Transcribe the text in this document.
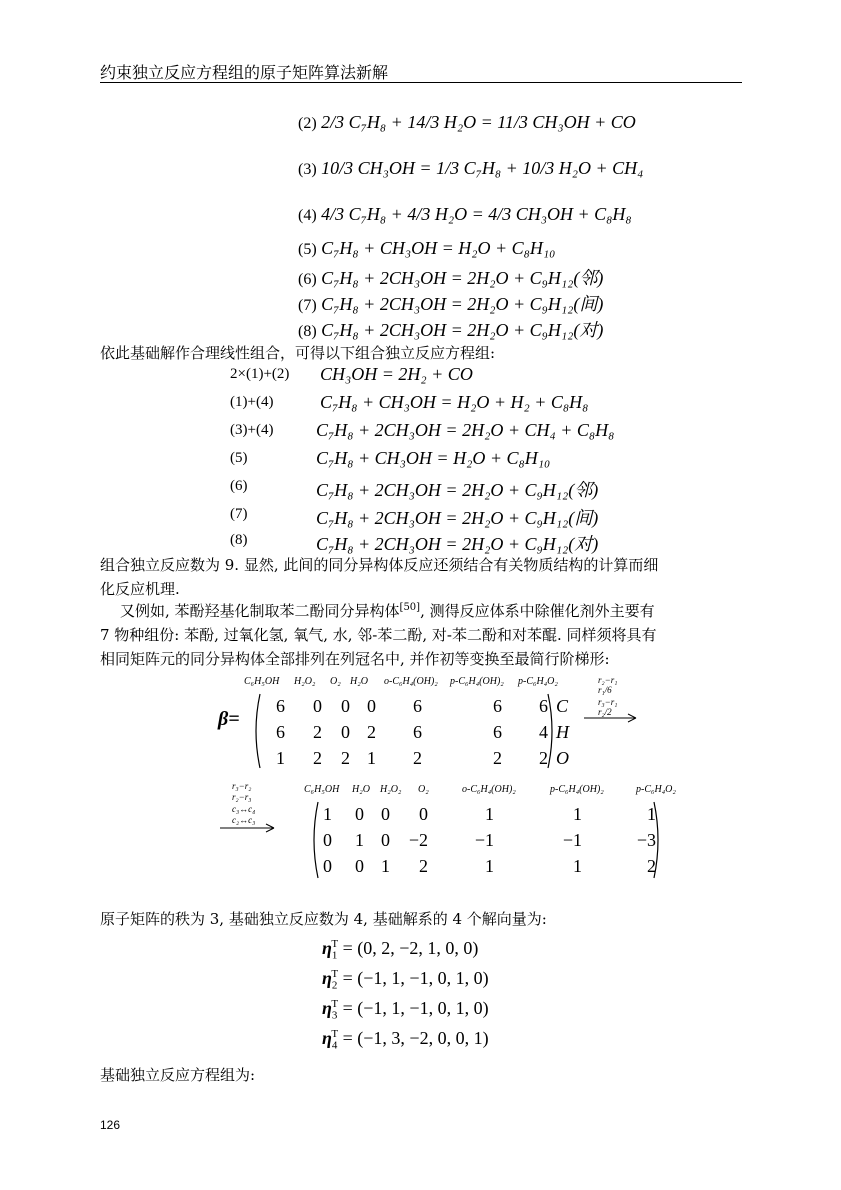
约束独立反应方程组的原子矩阵算法新解
(2) 2/3 C₇H₈ + 14/3 H₂O = 11/3 CH₃OH + CO
(3) 10/3 CH₃OH = 1/3 C₇H₈ + 10/3 H₂O + CH₄
(4) 4/3 C₇H₈ + 4/3 H₂O = 4/3 CH₃OH + C₈H₈
(5) C₇H₈ + CH₃OH = H₂O + C₈H₁₀
(6) C₇H₈ + 2CH₃OH = 2H₂O + C₉H₁₂(邻)
(7) C₇H₈ + 2CH₃OH = 2H₂O + C₉H₁₂(间)
(8) C₇H₈ + 2CH₃OH = 2H₂O + C₉H₁₂(对)
依此基础解作合理线性组合，可得以下组合独立反应方程组:
2×(1)+(2) CH₃OH = 2H₂ + CO
(1)+(4)	C₇H₈ + CH₃OH = H₂O + H₂ + C₈H₈
(3)+(4) C₇H₈ + 2CH₃OH = 2H₂O + CH₄ + C₈H₈
(5)	C₇H₈ + CH₃OH = H₂O + C₈H₁₀
(6)	C₇H₈ + 2CH₃OH = 2H₂O + C₉H₁₂(邻)
(7)	C₇H₈ + 2CH₃OH = 2H₂O + C₉H₁₂(间)
(8)	C₇H₈ + 2CH₃OH = 2H₂O + C₉H₁₂(对)
组合独立反应数为 9. 显然, 此间的同分异构体反应还须结合有关物质结构的计算而细
化反应机理.
又例如, 苯酚羟基化制取苯二酚同分异构体[50], 测得反应体系中除催化剂外主要有
7 物种组份: 苯酚, 过氧化氢, 氧气, 水, 邻-苯二酚, 对-苯二酚和对苯醌. 同样须将具有
相同矩阵元的同分异构体全部排列在列冠名中, 并作初等变换至最简行阶梯形:
C₆H₅OH H₂O₂ O₂ H₂O o-C₆H₄(OH)₂ p-C₆H₄(OH)₂ p-C₆H₄O₂
β=
6	0	0 0	6	6	6 C
6	2	0 2	6	6	4 H
1	2	2 1	2	2	2 O
r₂−r₁
r₁/6
r₃−r₁
r₂/2
r₃−r₂
r₂−r₃
c₃↔c₄
c₂↔c₃
C₆H₅OH H₂O H₂O₂ O₂	o-C₆H₄(OH)₂	p-C₆H₄(OH)₂	p-C₆H₄O₂
1	0 0	0	1	1	1
0	1 0	−2	−1	−1	−3
0	0 1	2	1	1	2
原子矩阵的秩为 3, 基础独立反应数为 4, 基础解系的 4 个解向量为:
$\eta_1^T = (0$, 2, −2, 1, 0, 0)
$\eta_2^T = (-1$, 1, −1, 0, 1, 0)
$\eta_3^T = (-1$, 1, −1, 0, 1, 0)
$\eta_4^T = (-1$, 3, −2, 0, 0, 1)
基础独立反应方程组为:
126
